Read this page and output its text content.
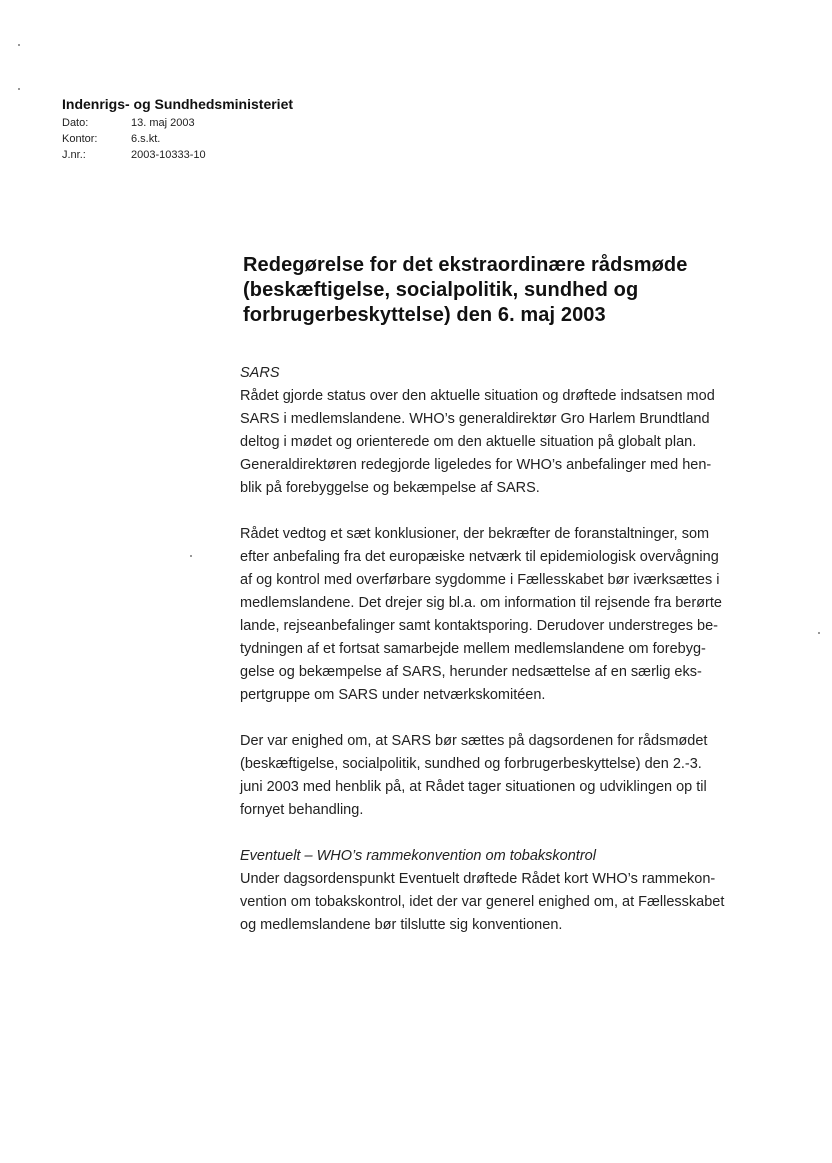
Indenrigs- og Sundhedsministeriet
Dato:	13. maj 2003
Kontor:	6.s.kt.
J.nr.:	2003-10333-10
Redegørelse for det ekstraordinære rådsmøde
(beskæftigelse, socialpolitik, sundhed og
forbrugerbeskyttelse) den 6. maj 2003
SARS

Rådet gjorde status over den aktuelle situation og drøftede indsatsen mod
SARS i medlemslandene. WHO’s generaldirektør Gro Harlem Brundtland
deltog i mødet og orienterede om den aktuelle situation på globalt plan.
Generaldirektøren redegjorde ligeledes for WHO’s anbefalinger med hen-
blik på forebyggelse og bekæmpelse af SARS.

Rådet vedtog et sæt konklusioner, der bekræfter de foranstaltninger, som
efter anbefaling fra det europæiske netværk til epidemiologisk overvågning
af og kontrol med overførbare sygdomme i Fællesskabet bør iværksættes i
medlemslandene. Det drejer sig bl.a. om information til rejsende fra berørte
lande, rejseanbefalinger samt kontaktsporing. Derudover understreges be-
tydningen af et fortsat samarbejde mellem medlemslandene om forebyg-
gelse og bekæmpelse af SARS, herunder nedsættelse af en særlig eks-
pertgruppe om SARS under netværkskomitéen.

Der var enighed om, at SARS bør sættes på dagsordenen for rådsmødet
(beskæftigelse, socialpolitik, sundhed og forbrugerbeskyttelse) den 2.-3.
juni 2003 med henblik på, at Rådet tager situationen og udviklingen op til
fornyet behandling.

Eventuelt – WHO’s rammekonvention om tobakskontrol

Under dagsordenspunkt Eventuelt drøftede Rådet kort WHO’s rammekon-
vention om tobakskontrol, idet der var generel enighed om, at Fællesskabet
og medlemslandene bør tilslutte sig konventionen.
